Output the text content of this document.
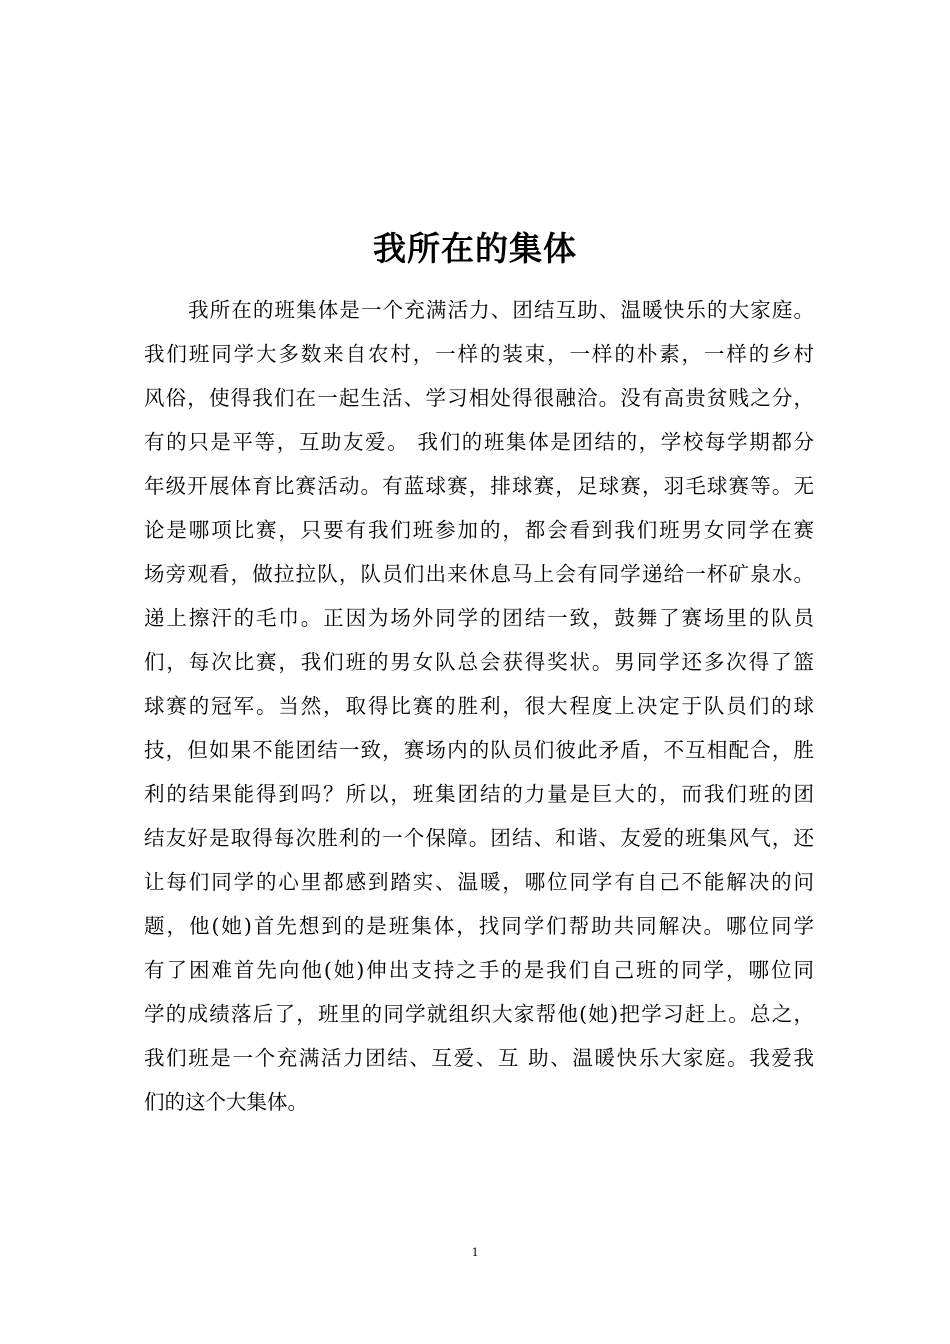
我所在的集体
我所在的班集体是一个充满活力、团结互助、温暖快乐的大家庭。
我们班同学大多数来自农村，一样的装束，一样的朴素，一样的乡村
风俗，使得我们在一起生活、学习相处得很融洽。没有高贵贫贱之分，
有的只是平等，互助友爱。 我们的班集体是团结的，学校每学期都分
年级开展体育比赛活动。有蓝球赛，排球赛，足球赛，羽毛球赛等。无
论是哪项比赛，只要有我们班参加的，都会看到我们班男女同学在赛
场旁观看，做拉拉队，队员们出来休息马上会有同学递给一杯矿泉水。
递上擦汗的毛巾。正因为场外同学的团结一致，鼓舞了赛场里的队员
们，每次比赛，我们班的男女队总会获得奖状。男同学还多次得了篮
球赛的冠军。当然，取得比赛的胜利，很大程度上决定于队员们的球
技，但如果不能团结一致，赛场内的队员们彼此矛盾，不互相配合，胜
利的结果能得到吗？所以，班集团结的力量是巨大的，而我们班的团
结友好是取得每次胜利的一个保障。团结、和谐、友爱的班集风气，还
让每们同学的心里都感到踏实、温暖，哪位同学有自己不能解决的问
题，他(她)首先想到的是班集体，找同学们帮助共同解决。哪位同学
有了困难首先向他(她)伸出支持之手的是我们自己班的同学，哪位同
学的成绩落后了，班里的同学就组织大家帮他(她)把学习赶上。总之，
我们班是一个充满活力团结、互爱、互 助、温暖快乐大家庭。我爱我
们的这个大集体。
1
